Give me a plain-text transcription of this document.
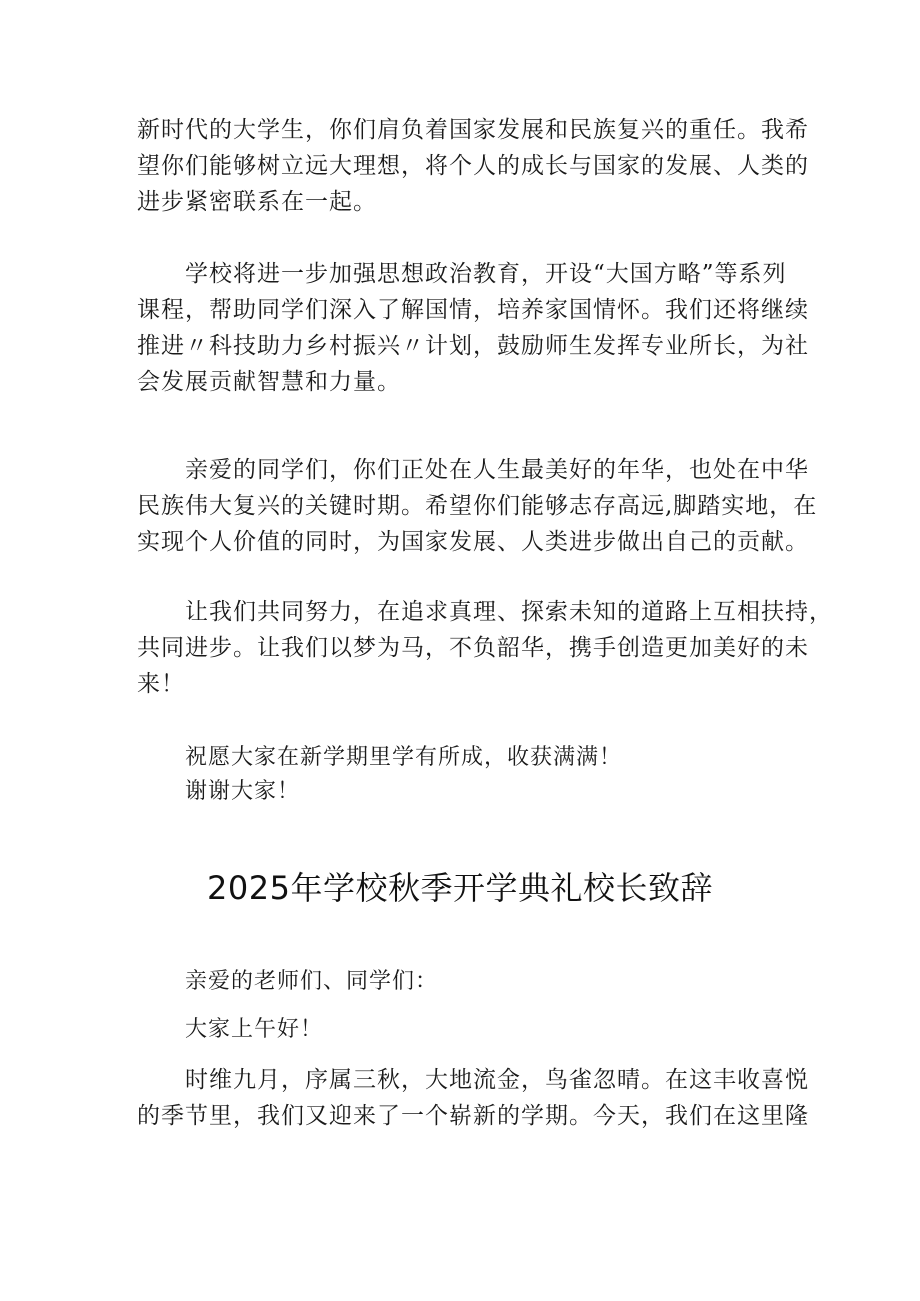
新时代的大学生，你们肩负着国家发展和民族复兴的重任。我希
望你们能够树立远大理想，将个人的成长与国家的发展、人类的
进步紧密联系在一起。
学校将进一步加强思想政治教育，开设“大国方略”等系列
课程，帮助同学们深入了解国情，培养家国情怀。我们还将继续
推进〃科技助力乡村振兴〃计划，鼓励师生发挥专业所长，为社
会发展贡献智慧和力量。
亲爱的同学们，你们正处在人生最美好的年华，也处在中华
民族伟大复兴的关键时期。希望你们能够志存高远,脚踏实地，在
实现个人价值的同时，为国家发展、人类进步做出自己的贡献。
让我们共同努力，在追求真理、探索未知的道路上互相扶持，
共同进步。让我们以梦为马，不负韶华，携手创造更加美好的未
来！
祝愿大家在新学期里学有所成，收获满满！
谢谢大家！
2025年学校秋季开学典礼校长致辞
亲爱的老师们、同学们：
大家上午好！
时维九月，序属三秋，大地流金，鸟雀忽晴。在这丰收喜悦
的季节里，我们又迎来了一个崭新的学期。今天，我们在这里隆
